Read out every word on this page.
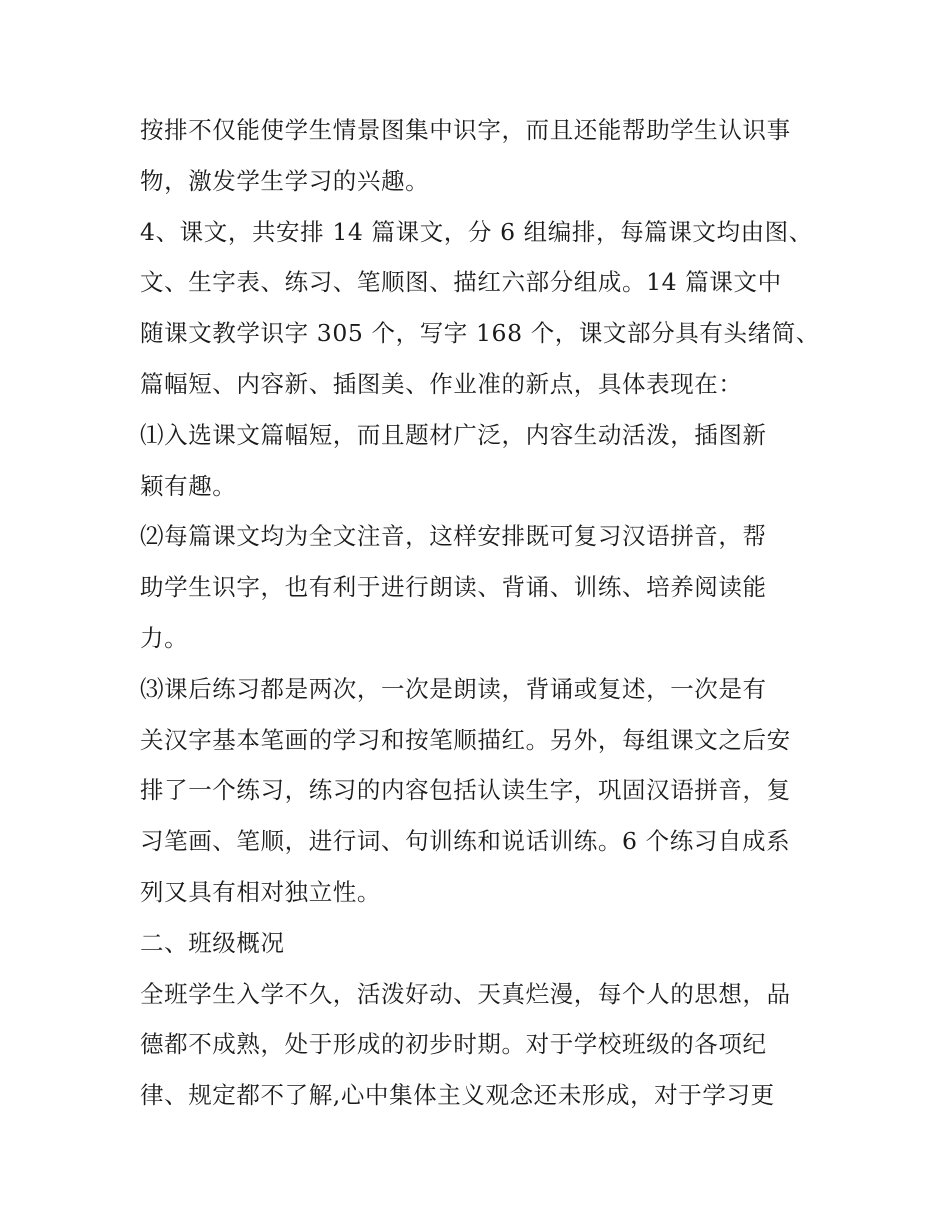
按排不仅能使学生情景图集中识字，而且还能帮助学生认识事
物，激发学生学习的兴趣。
4、课文，共安排 14 篇课文，分 6 组编排，每篇课文均由图、
文、生字表、练习、笔顺图、描红六部分组成。14 篇课文中
随课文教学识字 305 个，写字 168 个，课文部分具有头绪简、
篇幅短、内容新、插图美、作业准的新点，具体表现在：
⑴入选课文篇幅短，而且题材广泛，内容生动活泼，插图新
颖有趣。
⑵每篇课文均为全文注音，这样安排既可复习汉语拼音，帮
助学生识字，也有利于进行朗读、背诵、训练、培养阅读能
力。
⑶课后练习都是两次，一次是朗读，背诵或复述，一次是有
关汉字基本笔画的学习和按笔顺描红。另外，每组课文之后安
排了一个练习，练习的内容包括认读生字，巩固汉语拼音，复
习笔画、笔顺，进行词、句训练和说话训练。6 个练习自成系
列又具有相对独立性。
二、班级概况
全班学生入学不久，活泼好动、天真烂漫，每个人的思想，品
德都不成熟，处于形成的初步时期。对于学校班级的各项纪
律、规定都不了解,心中集体主义观念还未形成，对于学习更
